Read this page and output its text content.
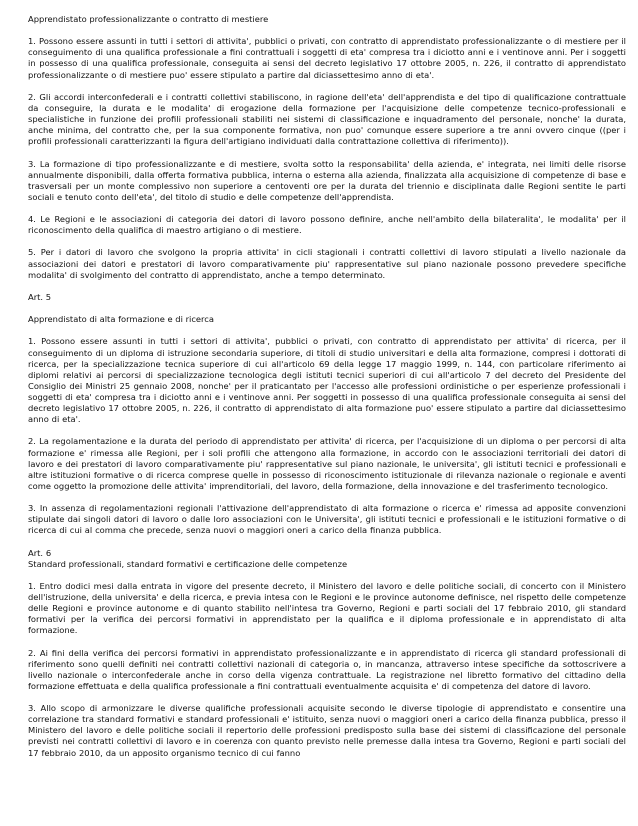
Apprendistato professionalizzante o contratto di mestiere

1. Possono essere assunti in tutti i settori di attivita', pubblici o privati, con contratto di apprendistato professionalizzante o di mestiere per il conseguimento di una qualifica professionale a fini contrattuali i soggetti di eta' compresa tra i diciotto anni e i ventinove anni. Per i soggetti in possesso di una qualifica professionale, conseguita ai sensi del decreto legislativo 17 ottobre 2005, n. 226, il contratto di apprendistato professionalizzante o di mestiere puo' essere stipulato a partire dal diciassettesimo anno di eta'.

2. Gli accordi interconfederali e i contratti collettivi stabiliscono, in ragione dell'eta' dell'apprendista e del tipo di qualificazione contrattuale da conseguire, la durata e le modalita' di erogazione della formazione per l'acquisizione delle competenze tecnico-professionali e specialistiche in funzione dei profili professionali stabiliti nei sistemi di classificazione e inquadramento del personale, nonche' la durata, anche minima, del contratto che, per la sua componente formativa, non puo' comunque essere superiore a tre anni ovvero cinque ((per i profili professionali caratterizzanti la figura dell'artigiano individuati dalla contrattazione collettiva di riferimento)).

3. La formazione di tipo professionalizzante e di mestiere, svolta sotto la responsabilita' della azienda, e' integrata, nei limiti delle risorse annualmente disponibili, dalla offerta formativa pubblica, interna o esterna alla azienda, finalizzata alla acquisizione di competenze di base e trasversali per un monte complessivo non superiore a centoventi ore per la durata del triennio e disciplinata dalle Regioni sentite le parti sociali e tenuto conto dell'eta', del titolo di studio e delle competenze dell'apprendista.

4. Le Regioni e le associazioni di categoria dei datori di lavoro possono definire, anche nell'ambito della bilateralita', le modalita' per il riconoscimento della qualifica di maestro artigiano o di mestiere.

5. Per i datori di lavoro che svolgono la propria attivita' in cicli stagionali i contratti collettivi di lavoro stipulati a livello nazionale da associazioni dei datori e prestatori di lavoro comparativamente piu' rappresentative sul piano nazionale possono prevedere specifiche modalita' di svolgimento del contratto di apprendistato, anche a tempo determinato.

Art. 5

Apprendistato di alta formazione e di ricerca

1. Possono essere assunti in tutti i settori di attivita', pubblici o privati, con contratto di apprendistato per attivita' di ricerca, per il conseguimento di un diploma di istruzione secondaria superiore, di titoli di studio universitari e della alta formazione, compresi i dottorati di ricerca, per la specializzazione tecnica superiore di cui all'articolo 69 della legge 17 maggio 1999, n. 144, con particolare riferimento ai diplomi relativi ai percorsi di specializzazione tecnologica degli istituti tecnici superiori di cui all'articolo 7 del decreto del Presidente del Consiglio dei Ministri 25 gennaio 2008, nonche' per il praticantato per l'accesso alle professioni ordinistiche o per esperienze professionali i soggetti di eta' compresa tra i diciotto anni e i ventinove anni. Per soggetti in possesso di una qualifica professionale conseguita ai sensi del decreto legislativo 17 ottobre 2005, n. 226, il contratto di apprendistato di alta formazione puo' essere stipulato a partire dal diciassettesimo anno di eta'.

2. La regolamentazione e la durata del periodo di apprendistato per attivita' di ricerca, per l'acquisizione di un diploma o per percorsi di alta formazione e' rimessa alle Regioni, per i soli profili che attengono alla formazione, in accordo con le associazioni territoriali dei datori di lavoro e dei prestatori di lavoro comparativamente piu' rappresentative sul piano nazionale, le universita', gli istituti tecnici e professionali e altre istituzioni formative o di ricerca comprese quelle in possesso di riconoscimento istituzionale di rilevanza nazionale o regionale e aventi come oggetto la promozione delle attivita' imprenditoriali, del lavoro, della formazione, della innovazione e del trasferimento tecnologico.

3. In assenza di regolamentazioni regionali l'attivazione dell'apprendistato di alta formazione o ricerca e' rimessa ad apposite convenzioni stipulate dai singoli datori di lavoro o dalle loro associazioni con le Universita', gli istituti tecnici e professionali e le istituzioni formative o di ricerca di cui al comma che precede, senza nuovi o maggiori oneri a carico della finanza pubblica.

Art. 6

Standard professionali, standard formativi e certificazione delle competenze

1. Entro dodici mesi dalla entrata in vigore del presente decreto, il Ministero del lavoro e delle politiche sociali, di concerto con il Ministero dell'istruzione, della universita' e della ricerca, e previa intesa con le Regioni e le province autonome definisce, nel rispetto delle competenze delle Regioni e province autonome e di quanto stabilito nell'intesa tra Governo, Regioni e parti sociali del 17 febbraio 2010, gli standard formativi per la verifica dei percorsi formativi in apprendistato per la qualifica e il diploma professionale e in apprendistato di alta formazione.

2. Ai fini della verifica dei percorsi formativi in apprendistato professionalizzante e in apprendistato di ricerca gli standard professionali di riferimento sono quelli definiti nei contratti collettivi nazionali di categoria o, in mancanza, attraverso intese specifiche da sottoscrivere a livello nazionale o interconfederale anche in corso della vigenza contrattuale. La registrazione nel libretto formativo del cittadino della formazione effettuata e della qualifica professionale a fini contrattuali eventualmente acquisita e' di competenza del datore di lavoro.

3. Allo scopo di armonizzare le diverse qualifiche professionali acquisite secondo le diverse tipologie di apprendistato e consentire una correlazione tra standard formativi e standard professionali e' istituito, senza nuovi o maggiori oneri a carico della finanza pubblica, presso il Ministero del lavoro e delle politiche sociali il repertorio delle professioni predisposto sulla base dei sistemi di classificazione del personale previsti nei contratti collettivi di lavoro e in coerenza con quanto previsto nelle premesse dalla intesa tra Governo, Regioni e parti sociali del 17 febbraio 2010, da un apposito organismo tecnico di cui fanno
